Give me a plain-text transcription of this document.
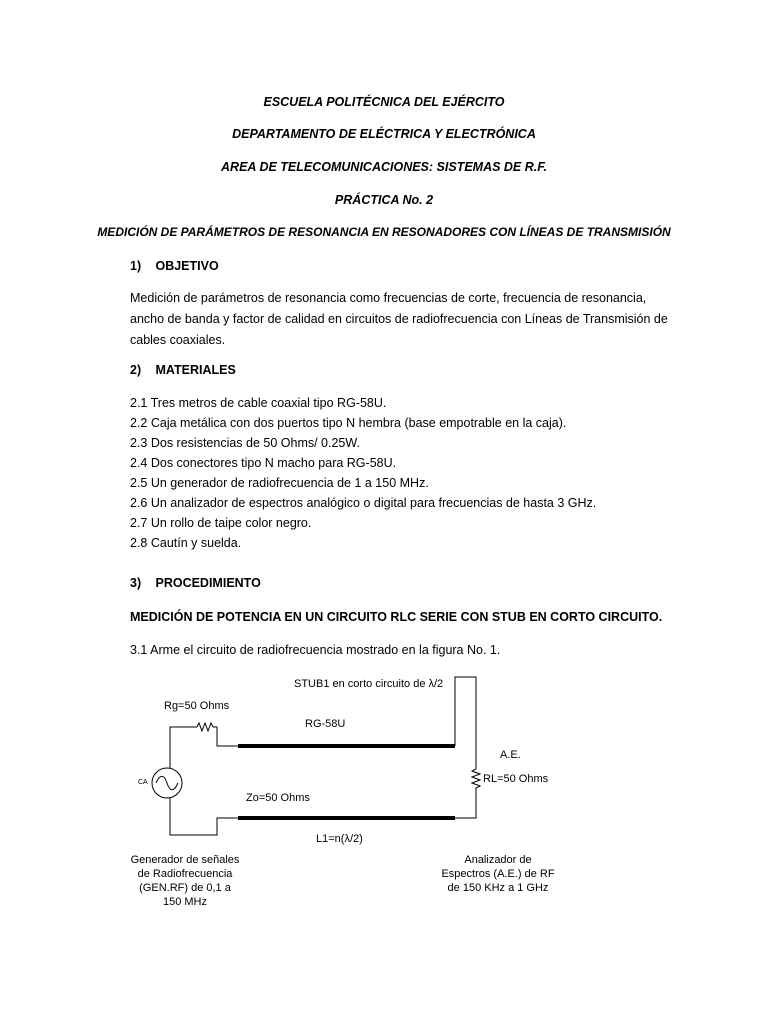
ESCUELA POLITÉCNICA DEL EJÉRCITO
DEPARTAMENTO DE ELÉCTRICA Y ELECTRÓNICA
AREA DE TELECOMUNICACIONES: SISTEMAS DE R.F.
PRÁCTICA No. 2
MEDICIÓN DE PARÁMETROS DE RESONANCIA EN RESONADORES CON LÍNEAS DE TRANSMISIÓN
1) OBJETIVO
Medición de parámetros de resonancia como frecuencias de corte, frecuencia de resonancia, ancho de banda y factor de calidad en circuitos de radiofrecuencia con Líneas de Transmisión de cables coaxiales.
2) MATERIALES
2.1 Tres metros de cable coaxial tipo RG-58U.
2.2 Caja metálica con dos puertos tipo N hembra (base empotrable en la caja).
2.3 Dos resistencias de 50 Ohms/ 0.25W.
2.4 Dos conectores tipo N macho para RG-58U.
2.5 Un generador de radiofrecuencia de 1 a 150 MHz.
2.6 Un analizador de espectros analógico o digital para frecuencias de hasta 3 GHz.
2.7 Un rollo de taipe color negro.
2.8 Cautín y suelda.
3) PROCEDIMIENTO
MEDICIÓN DE POTENCIA EN UN CIRCUITO RLC SERIE CON STUB EN CORTO CIRCUITO.
3.1 Arme el circuito de radiofrecuencia mostrado en la figura No. 1.
STUB1 en corto circuito de λ/2
Rg=50 Ohms
RG-58U
A.E.
RL=50 Ohms
CA
Zo=50 Ohms
L1=n(λ/2)
Generador de señales de Radiofrecuencia (GEN.RF) de 0,1 a 150 MHz
Analizador de Espectros (A.E.) de RF de 150 KHz a 1 GHz
